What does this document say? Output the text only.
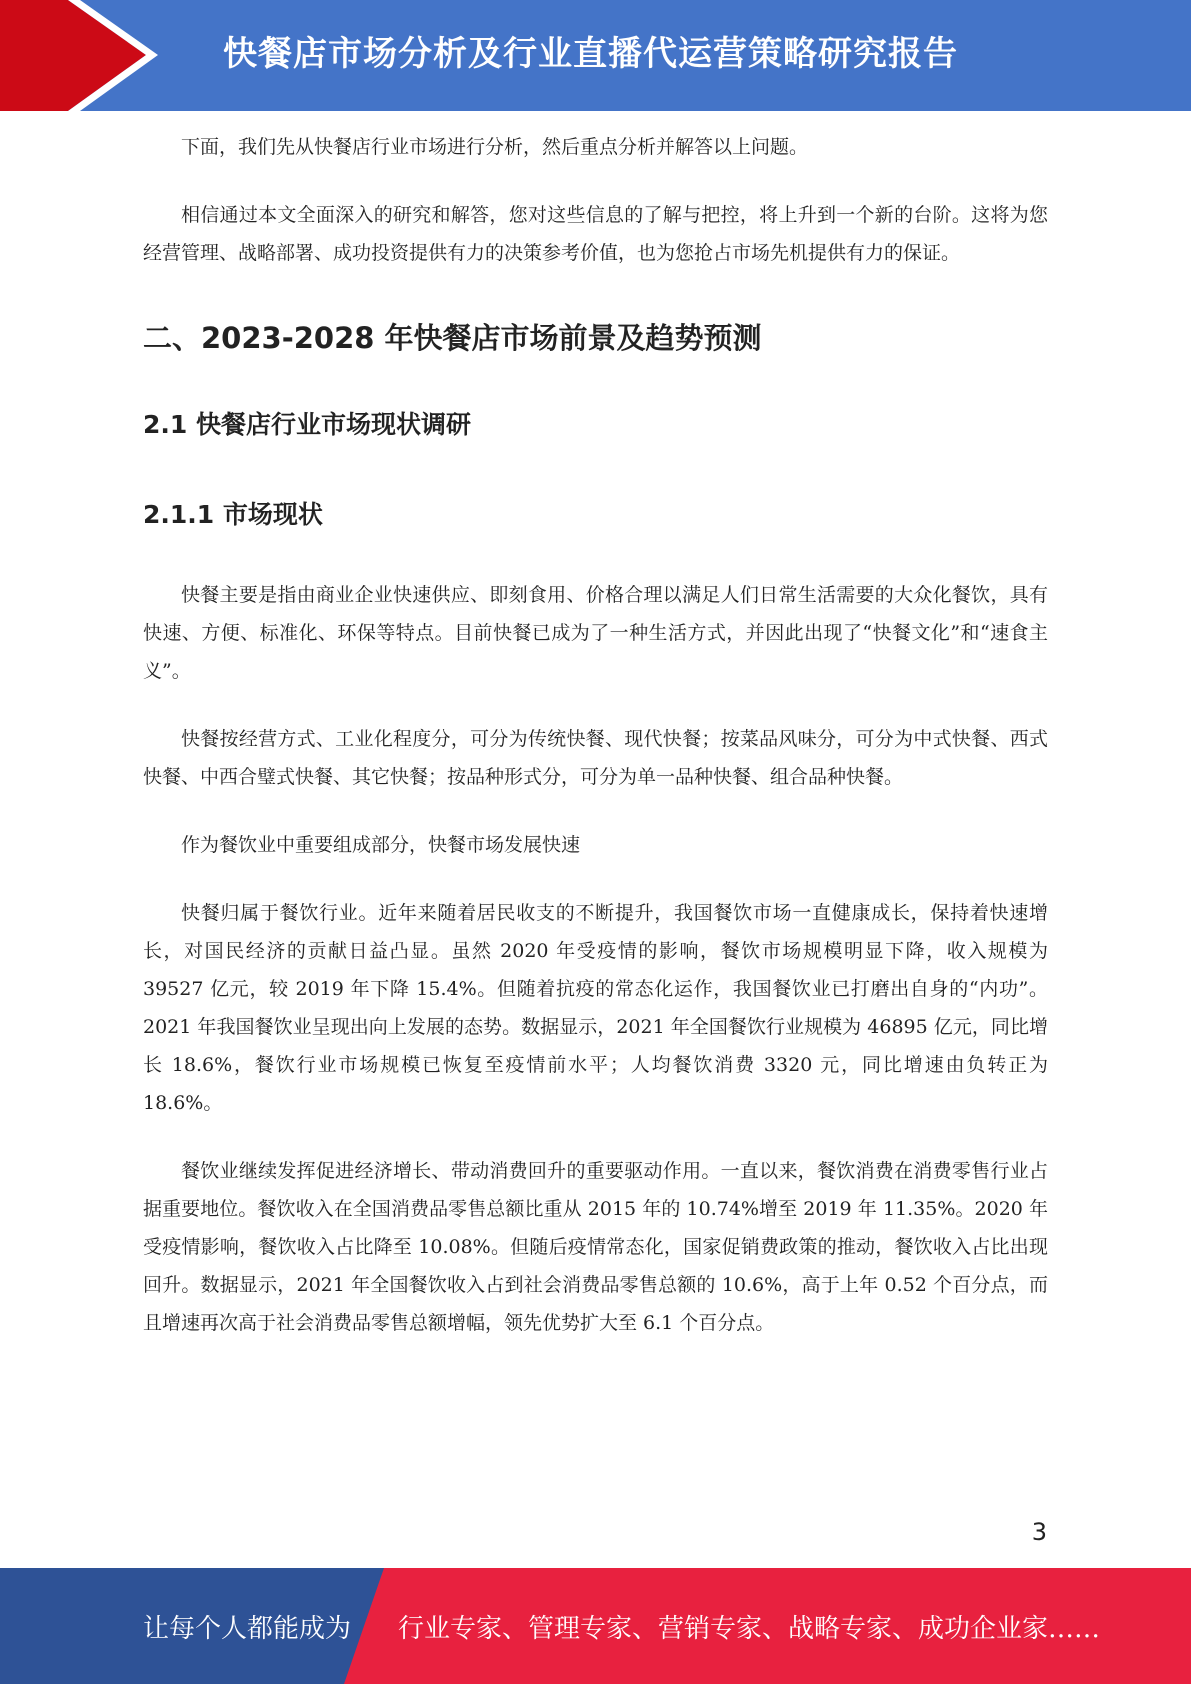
快餐店市场分析及行业直播代运营策略研究报告

下面，我们先从快餐店行业市场进行分析，然后重点分析并解答以上问题。

相信通过本文全面深入的研究和解答，您对这些信息的了解与把控，将上升到一个新的台阶。这将为您经营管理、战略部署、成功投资提供有力的决策参考价值，也为您抢占市场先机提供有力的保证。

二、2023-2028 年快餐店市场前景及趋势预测
2.1 快餐店行业市场现状调研
2.1.1 市场现状

快餐主要是指由商业企业快速供应、即刻食用、价格合理以满足人们日常生活需要的大众化餐饮，具有快速、方便、标准化、环保等特点。目前快餐已成为了一种生活方式，并因此出现了“快餐文化”和“速食主义”。

快餐按经营方式、工业化程度分，可分为传统快餐、现代快餐；按菜品风味分，可分为中式快餐、西式快餐、中西合璧式快餐、其它快餐；按品种形式分，可分为单一品种快餐、组合品种快餐。

作为餐饮业中重要组成部分，快餐市场发展快速

快餐归属于餐饮行业。近年来随着居民收支的不断提升，我国餐饮市场一直健康成长，保持着快速增长，对国民经济的贡献日益凸显。虽然 2020 年受疫情的影响，餐饮市场规模明显下降，收入规模为 39527 亿元，较 2019 年下降 15.4%。但随着抗疫的常态化运作，我国餐饮业已打磨出自身的“内功”。2021 年我国餐饮业呈现出向上发展的态势。数据显示，2021 年全国餐饮行业规模为 46895 亿元，同比增长 18.6%，餐饮行业市场规模已恢复至疫情前水平；人均餐饮消费 3320 元，同比增速由负转正为 18.6%。

餐饮业继续发挥促进经济增长、带动消费回升的重要驱动作用。一直以来，餐饮消费在消费零售行业占据重要地位。餐饮收入在全国消费品零售总额比重从 2015 年的 10.74%增至 2019 年 11.35%。2020 年受疫情影响，餐饮收入占比降至 10.08%。但随后疫情常态化，国家促销费政策的推动，餐饮收入占比出现回升。数据显示，2021 年全国餐饮收入占到社会消费品零售总额的 10.6%，高于上年 0.52 个百分点，而且增速再次高于社会消费品零售总额增幅，领先优势扩大至 6.1 个百分点。

3
让每个人都能成为 行业专家、管理专家、营销专家、战略专家、成功企业家……
